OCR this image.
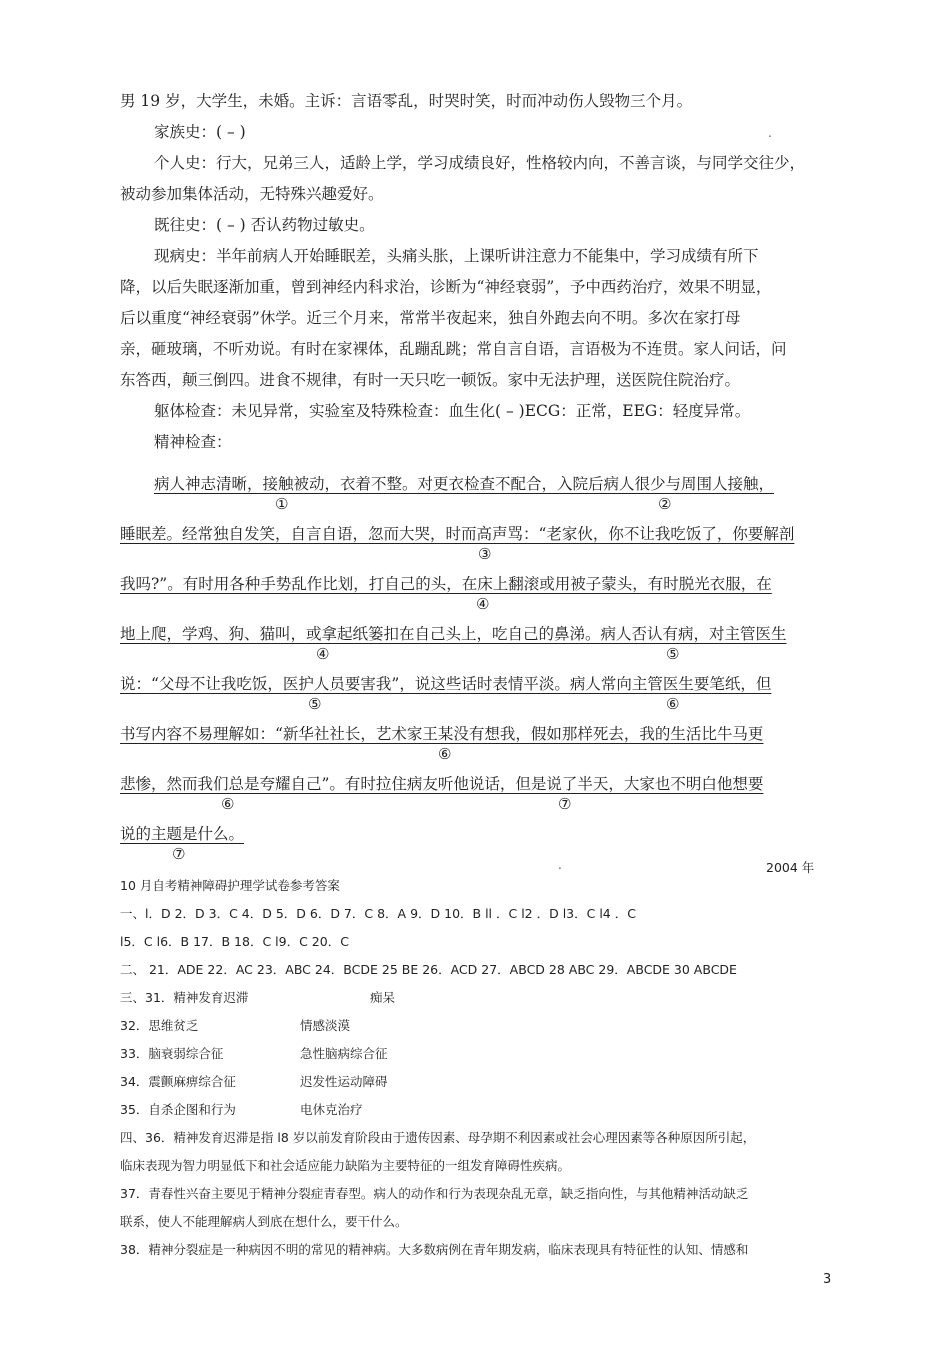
男 19 岁，大学生，未婚。主诉：言语零乱，时哭时笑，时而冲动伤人毁物三个月。

家族史：( – )

个人史：行大，兄弟三人，适龄上学，学习成绩良好，性格较内向，不善言谈，与同学交往少，

被动参加集体活动，无特殊兴趣爱好。

既往史：( – ) 否认药物过敏史。

现病史：半年前病人开始睡眠差，头痛头胀，上课听讲注意力不能集中，学习成绩有所下

降，以后失眠逐渐加重，曾到神经内科求治，诊断为“神经衰弱”，予中西药治疗，效果不明显，

后以重度“神经衰弱”休学。近三个月来，常常半夜起来，独自外跑去向不明。多次在家打母

亲，砸玻璃，不听劝说。有时在家裸体，乱蹦乱跳；常自言自语，言语极为不连贯。家人问话，问

东答西，颠三倒四。进食不规律，有时一天只吃一顿饭。家中无法护理，送医院住院治疗。

躯体检查：未见异常，实验室及特殊检查：血生化( – )ECG：正常，EEG：轻度异常。

精神检查：

病人神志清晰，接触被动，衣着不整。对更衣检查不配合，入院后病人很少与周围人接触，

①	②

睡眠差。经常独自发笑，自言自语，忽而大哭，时而高声骂：“老家伙，你不让我吃饭了，你要解剖

③

我吗?”。有时用各种手势乱作比划，打自己的头，在床上翻滚或用被子蒙头，有时脱光衣服，在

④

地上爬，学鸡、狗、猫叫，或拿起纸篓扣在自己头上，吃自己的鼻涕。病人否认有病，对主管医生

④	⑤

说：“父母不让我吃饭，医护人员要害我”，说这些话时表情平淡。病人常向主管医生要笔纸，但

⑤	⑥

书写内容不易理解如：“新华社社长，艺术家王某没有想我，假如那样死去，我的生活比牛马更

⑥

悲惨，然而我们总是夸耀自己”。有时拉住病友听他说话，但是说了半天，大家也不明白他想要

⑥	⑦

说的主题是什么。

⑦
.
.	2004 年

10 月自考精神障碍护理学试卷参考答案

一、l．D 2．D 3．C 4．D 5．D 6．D 7．C 8．A 9．D 10．B ll ．C l2 ．D l3．C l4 ．C

l5．C l6．B 17．B 18．C l9．C 20．C

二、 21．ADE 22．AC 23．ABC 24．BCDE 25 BE 26．ACD 27．ABCD 28 ABC 29．ABCDE 30 ABCDE

三、31．精神发育迟滞	痴呆

32．思维贫乏	情感淡漠

33．脑衰弱综合征	急性脑病综合征

34．震颤麻痹综合征	迟发性运动障碍

35．自杀企图和行为	电休克治疗

四、36．精神发育迟滞是指 l8 岁以前发育阶段由于遗传因素、母孕期不利因素或社会心理因素等各种原因所引起，

临床表现为智力明显低下和社会适应能力缺陷为主要特征的一组发育障碍性疾病。

37．青春性兴奋主要见于精神分裂症青春型。病人的动作和行为表现杂乱无章，缺乏指向性，与其他精神活动缺乏

联系，使人不能理解病人到底在想什么，要干什么。

38．精神分裂症是一种病因不明的常见的精神病。大多数病例在青年期发病，临床表现具有特征性的认知、情感和

3
